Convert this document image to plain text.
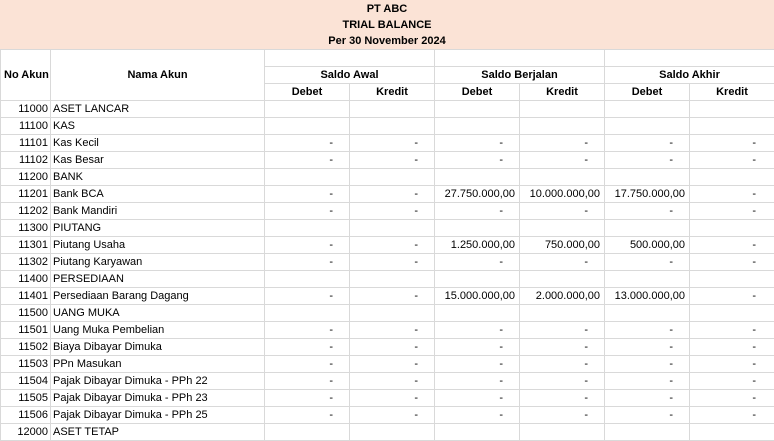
PT ABC
TRIAL BALANCE
Per 30 November 2024
No Akun	Nama Akun						
		Saldo Awal		Saldo Berjalan		Saldo Akhir	
		Debet	Kredit	Debet	Kredit	Debet	Kredit
11000	ASET LANCAR						
11100	KAS						
11101	Kas Kecil	-	-	-	-	-	-
11102	Kas Besar	-	-	-	-	-	-
11200	BANK						
11201	Bank BCA	-	-	27.750.000,00	10.000.000,00	17.750.000,00	-
11202	Bank Mandiri	-	-	-	-	-	-
11300	PIUTANG						
11301	Piutang Usaha	-	-	1.250.000,00	750.000,00	500.000,00	-
11302	Piutang Karyawan	-	-	-	-	-	-
11400	PERSEDIAAN						
11401	Persediaan Barang Dagang	-	-	15.000.000,00	2.000.000,00	13.000.000,00	-
11500	UANG MUKA						
11501	Uang Muka Pembelian	-	-	-	-	-	-
11502	Biaya Dibayar Dimuka	-	-	-	-	-	-
11503	PPn Masukan	-	-	-	-	-	-
11504	Pajak Dibayar Dimuka - PPh 22	-	-	-	-	-	-
11505	Pajak Dibayar Dimuka - PPh 23	-	-	-	-	-	-
11506	Pajak Dibayar Dimuka - PPh 25	-	-	-	-	-	-
12000	ASET TETAP						
